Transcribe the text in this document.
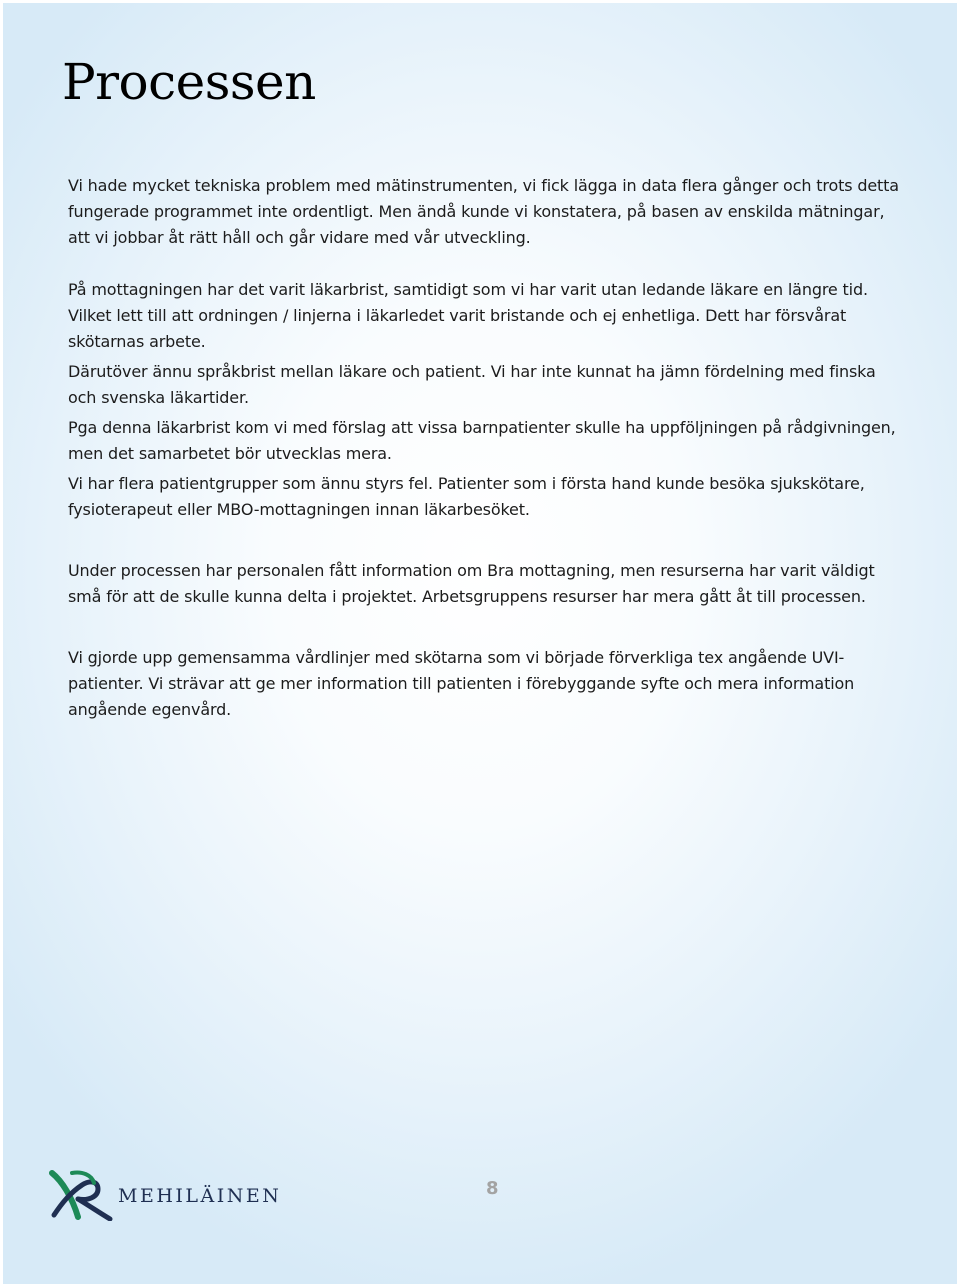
Processen

Vi hade mycket tekniska problem med mätinstrumenten, vi fick lägga in data flera gånger och trots detta fungerade programmet inte ordentligt. Men ändå kunde vi konstatera, på basen av enskilda mätningar, att vi jobbar åt rätt håll och går vidare med vår utveckling.

På mottagningen har det varit läkarbrist, samtidigt som vi har varit utan ledande läkare en längre tid. Vilket lett till att ordningen / linjerna i läkarledet varit bristande och ej enhetliga. Dett har försvårat skötarnas arbete.

Därutöver ännu språkbrist mellan läkare och patient. Vi har inte kunnat ha jämn fördelning med finska och svenska läkartider.

Pga denna läkarbrist kom vi med förslag att vissa barnpatienter skulle ha uppföljningen på rådgivningen, men det samarbetet bör utvecklas mera.

Vi har flera patientgrupper som ännu styrs fel. Patienter som i första hand kunde besöka sjukskötare, fysioterapeut eller MBO-mottagningen innan läkarbesöket.

Under processen har personalen fått information om Bra mottagning, men resurserna har varit väldigt små för att de skulle kunna delta i projektet. Arbetsgruppens resurser har mera gått åt till processen.

Vi gjorde upp gemensamma vårdlinjer med skötarna som vi började förverkliga tex angående UVI-patienter. Vi strävar att ge mer information till patienten i förebyggande syfte och mera information angående egenvård.

MEHILÄINEN	8
